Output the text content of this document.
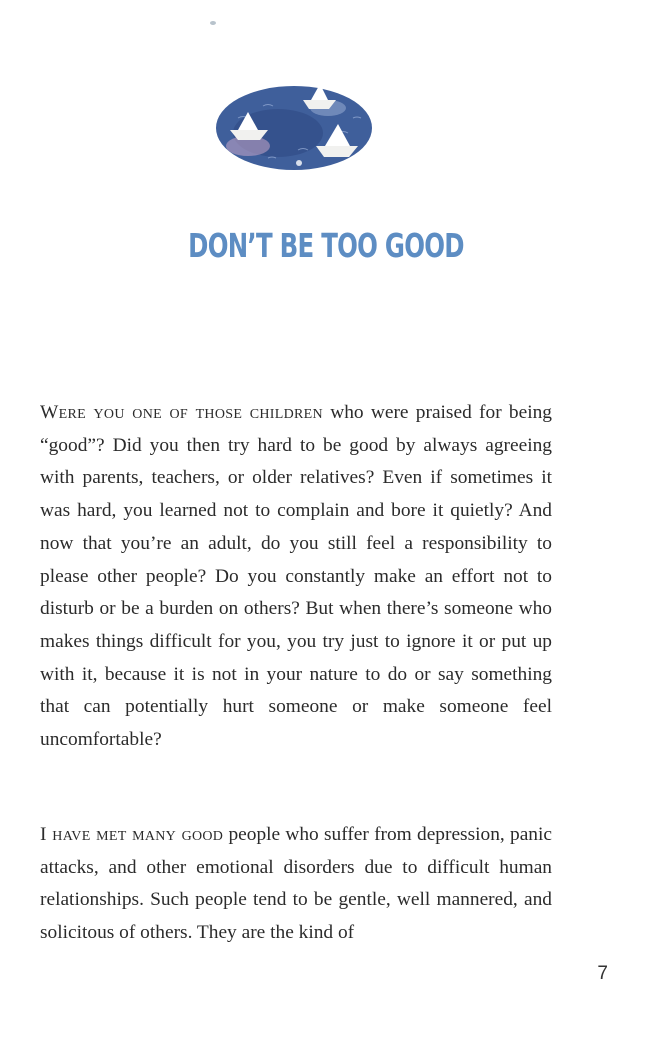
DON’T BE TOO GOOD

Were you one of those children who were praised for being “good”? Did you then try hard to be good by always agreeing with parents, teachers, or older relatives? Even if sometimes it was hard, you learned not to complain and bore it quietly? And now that you’re an adult, do you still feel a responsibility to please other people? Do you constantly make an effort not to disturb or be a burden on others? But when there’s someone who makes things difficult for you, you try just to ignore it or put up with it, because it is not in your nature to do or say something that can potentially hurt someone or make someone feel uncomfortable?

I have met many good people who suffer from depression, panic attacks, and other emotional disorders due to difficult human relationships. Such people tend to be gentle, well mannered, and solicitous of others. They are the kind of

7
